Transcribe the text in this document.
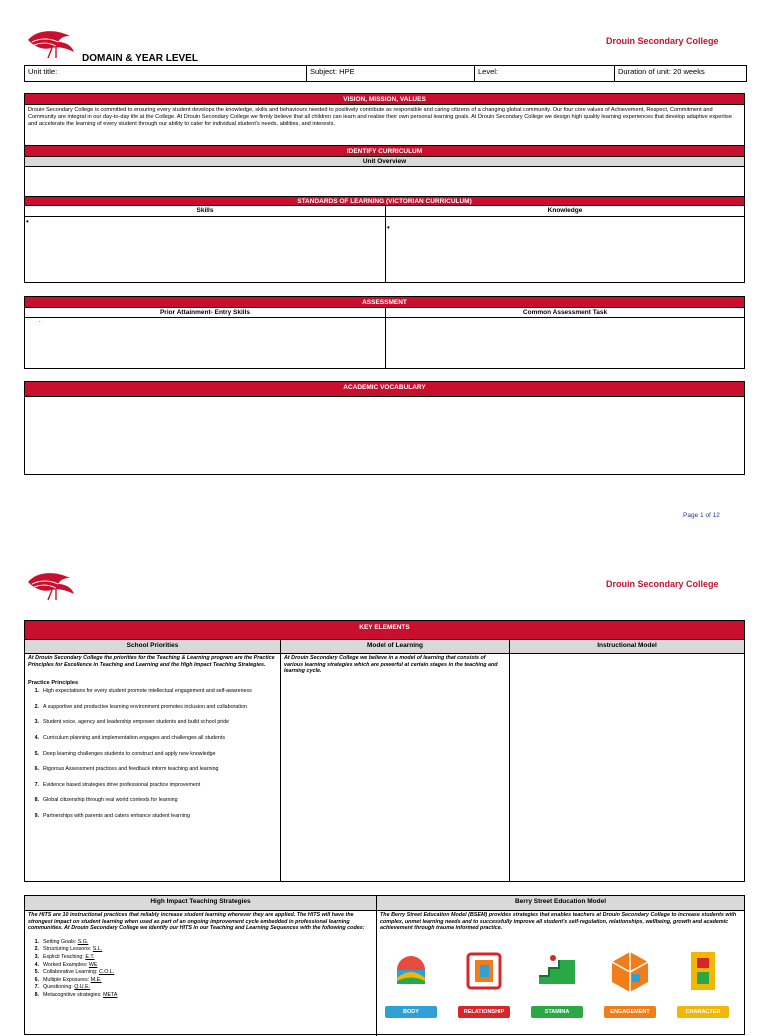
Drouin Secondary College
DOMAIN & YEAR LEVEL
Unit title:	Subject: HPE	Level:	Duration of unit: 20 weeks
VISION, MISSION, VALUES
Drouin Secondary College is committed to ensuring every student develops the knowledge, skills and behaviours needed to positively contribute as responsible and caring citizens of a changing global community. Our four core values of Achievement, Respect, Commitment and Community are integral in our day-to-day life at the College. At Drouin Secondary College we firmly believe that all children can learn and realise their own personal learning goals. At Drouin Secondary College we design high quality learning experiences that develop adaptive expertise and accelerate the learning of every student through our ability to cater for individual student's needs, abilities, and interests.
IDENTIFY CURRICULUM
Unit Overview
STANDARDS OF LEARNING (VICTORIAN CURRICULUM)
Skills
•
Knowledge
•
ASSESSMENT
Prior Attainment- Entry Skills
.
Common Assessment Task
ACADEMIC VOCABULARY
Page 1 of 12
Drouin Secondary College
KEY ELEMENTS
School Priorities
At Drouin Secondary College the priorities for the Teaching & Learning program are the Practice Principles for Excellence in Teaching and Learning and the High Impact Teaching Strategies.
Practice Principles
1. High expectations for every student promote intellectual engagement and self-awareness
2. A supportive and productive learning environment promotes inclusion and collaboration
3. Student voice, agency and leadership empower students and build school pride
4. Curriculum planning and implementation engages and challenges all students
5. Deep learning challenges students to construct and apply new knowledge
6. Rigorous Assessment practices and feedback inform teaching and learning
7. Evidence based strategies drive professional practice improvement
8. Global citizenship through real world contexts for learning
9. Partnerships with parents and caters enhance student learning
Model of Learning
At Drouin Secondary College we believe in a model of learning that consists of various learning strategies which are powerful at certain stages in the teaching and learning cycle.
Instructional Model
High Impact Teaching Strategies
The HITS are 10 instructional practices that reliably increase student learning wherever they are applied. The HITS will have the strongest impact on student learning when used as part of an ongoing improvement cycle embedded in professional learning communities. At Drouin Secondary College we identify our HITS in our Teaching and Learning Sequences with the following codes:
1. Setting Goals: S.G.
2. Structuring Lessons: S.L.
3. Explicit Teaching: E.T.
4. Worked Examples: WE
5. Collaborative Learning: C.O.L.
6. Multiple Exposures: M.E.
7. Questioning: Q.U.E.
8. Metacognitive strategies: META
Berry Street Education Model
The Berry Street Education Model (BSEM) provides strategies that enables teachers at Drouin Secondary College to increase students with complex, unmet learning needs and to successfully improve all student's self-regulation, relationships, wellbeing, growth and academic achievement through trauma informed practice.
BODY	RELATIONSHIP	STAMINA	ENGAGEMENT	CHARACTER
